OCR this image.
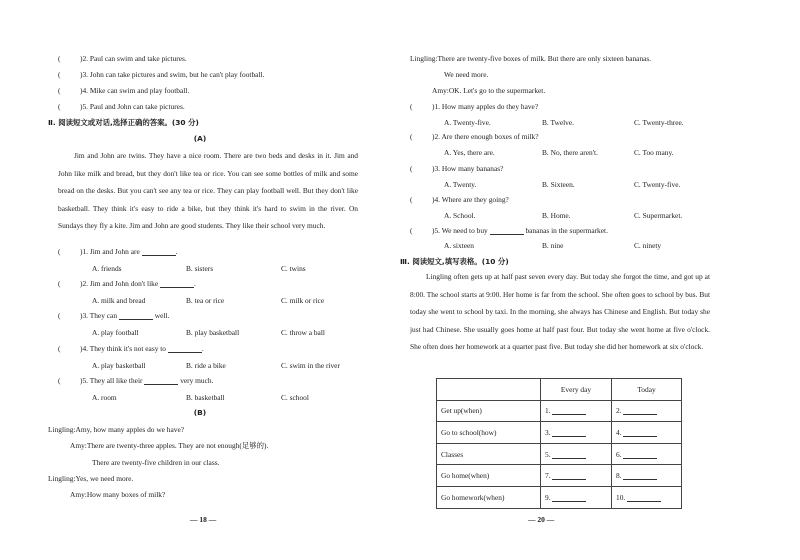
(	)2. Paul can swim and take pictures.
(	)3. John can take pictures and swim, but he can't play football.
(	)4. Mike can swim and play football.
(	)5. Paul and John can take pictures.
Ⅱ. 阅读短文或对话,选择正确的答案。(30 分)
(A)
Jim and John are twins. They have a nice room. There are two beds and desks in it. Jim and John like milk and bread, but they don't like tea or rice. You can see some bottles of milk and some bread on the desks. But you can't see any tea or rice. They can play football well. But they don't like basketball. They think it's easy to ride a bike, but they think it's hard to swim in the river. On Sundays they fly a kite. Jim and John are good students. They like their school very much.
(	)1. Jim and John are	.
A. friends	B. sisters	C. twins
(	)2. Jim and John don't like	.
A. milk and bread	B. tea or rice	C. milk or rice
(	)3. They can	well.
A. play football	B. play basketball	C. throw a ball
(	)4. They think it's not easy to	.
A. play basketball	B. ride a bike	C. swim in the river
(	)5. They all like their	very much.
A. room	B. basketball	C. school
(B)
Lingling:Amy, how many apples do we have?
Amy:There are twenty-three apples. They are not enough(足够的).
There are twenty-five children in our class.
Lingling:Yes, we need more.
Amy:How many boxes of milk?
— 18 —
Lingling:There are twenty-five boxes of milk. But there are only sixteen bananas.
We need more.
Amy:OK. Let's go to the supermarket.
(	)1. How many apples do they have?
A. Twenty-five.	B. Twelve.	C. Twenty-three.
(	)2. Are there enough boxes of milk?
A. Yes, there are.	B. No, there aren't.	C. Too many.
(	)3. How many bananas?
A. Twenty.	B. Sixteen.	C. Twenty-five.
(	)4. Where are they going?
A. School.	B. Home.	C. Supermarket.
(	)5. We need to buy	bananas in the supermarket.
A. sixteen	B. nine	C. ninety
Ⅲ. 阅读短文,填写表格。(10 分)
Lingling often gets up at half past seven every day. But today she forgot the time, and got up at 8:00. The school starts at 9:00. Her home is far from the school. She often goes to school by bus. But today she went to school by taxi. In the morning, she always has Chinese and English. But today she just had Chinese. She usually goes home at half past four. But today she went home at five o'clock. She often does her homework at a quarter past five. But today she did her homework at six o'clock.
	Every day	Today
Get up(when)	1.	2.
Go to school(how)	3.	4.
Classes	5.	6.
Go home(when)	7.	8.
Go homework(when)	9.	10.
— 20 —
